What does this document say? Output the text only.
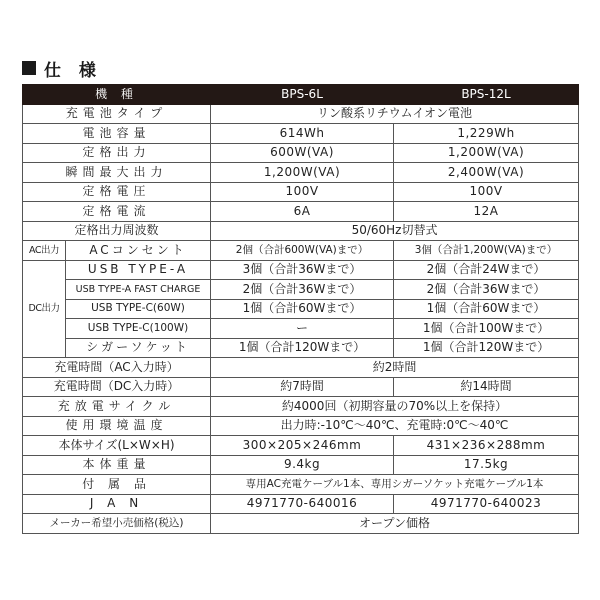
仕 様
機 種		BPS-6L	BPS-12L
充電池タイプ		リン酸系リチウムイオン電池	
電池容量		614Wh	1,229Wh
定格出力		600W(VA)	1,200W(VA)
瞬間最大出力		1,200W(VA)	2,400W(VA)
定格電圧		100V	100V
定格電流		6A	12A
定格出力周波数		50/60Hz切替式	
AC出力	ACコンセント	2個（合計600W(VA)まで）	3個（合計1,200W(VA)まで）
DC出力	USB TYPE-A	3個（合計36Wまで）	2個（合計24Wまで）
	USB TYPE-A FAST CHARGE	2個（合計36Wまで）	2個（合計36Wまで）
	USB TYPE-C(60W)	1個（合計60Wまで）	1個（合計60Wまで）
	USB TYPE-C(100W)	ー	1個（合計100Wまで）
	シガーソケット	1個（合計120Wまで）	1個（合計120Wまで）
充電時間（AC入力時）		約2時間	
充電時間（DC入力時）		約7時間	約14時間
充放電サイクル		約4000回（初期容量の70%以上を保持）	
使用環境温度		出力時:-10℃〜40℃、充電時:0℃〜40℃	
本体サイズ(L×W×H)		300×205×246mm	431×236×288mm
本体重量		9.4kg	17.5kg
付 属 品		専用AC充電ケーブル1本、専用シガーソケット充電ケーブル1本	
J A N		4971770-640016	4971770-640023
メーカー希望小売価格(税込)		オープン価格	
